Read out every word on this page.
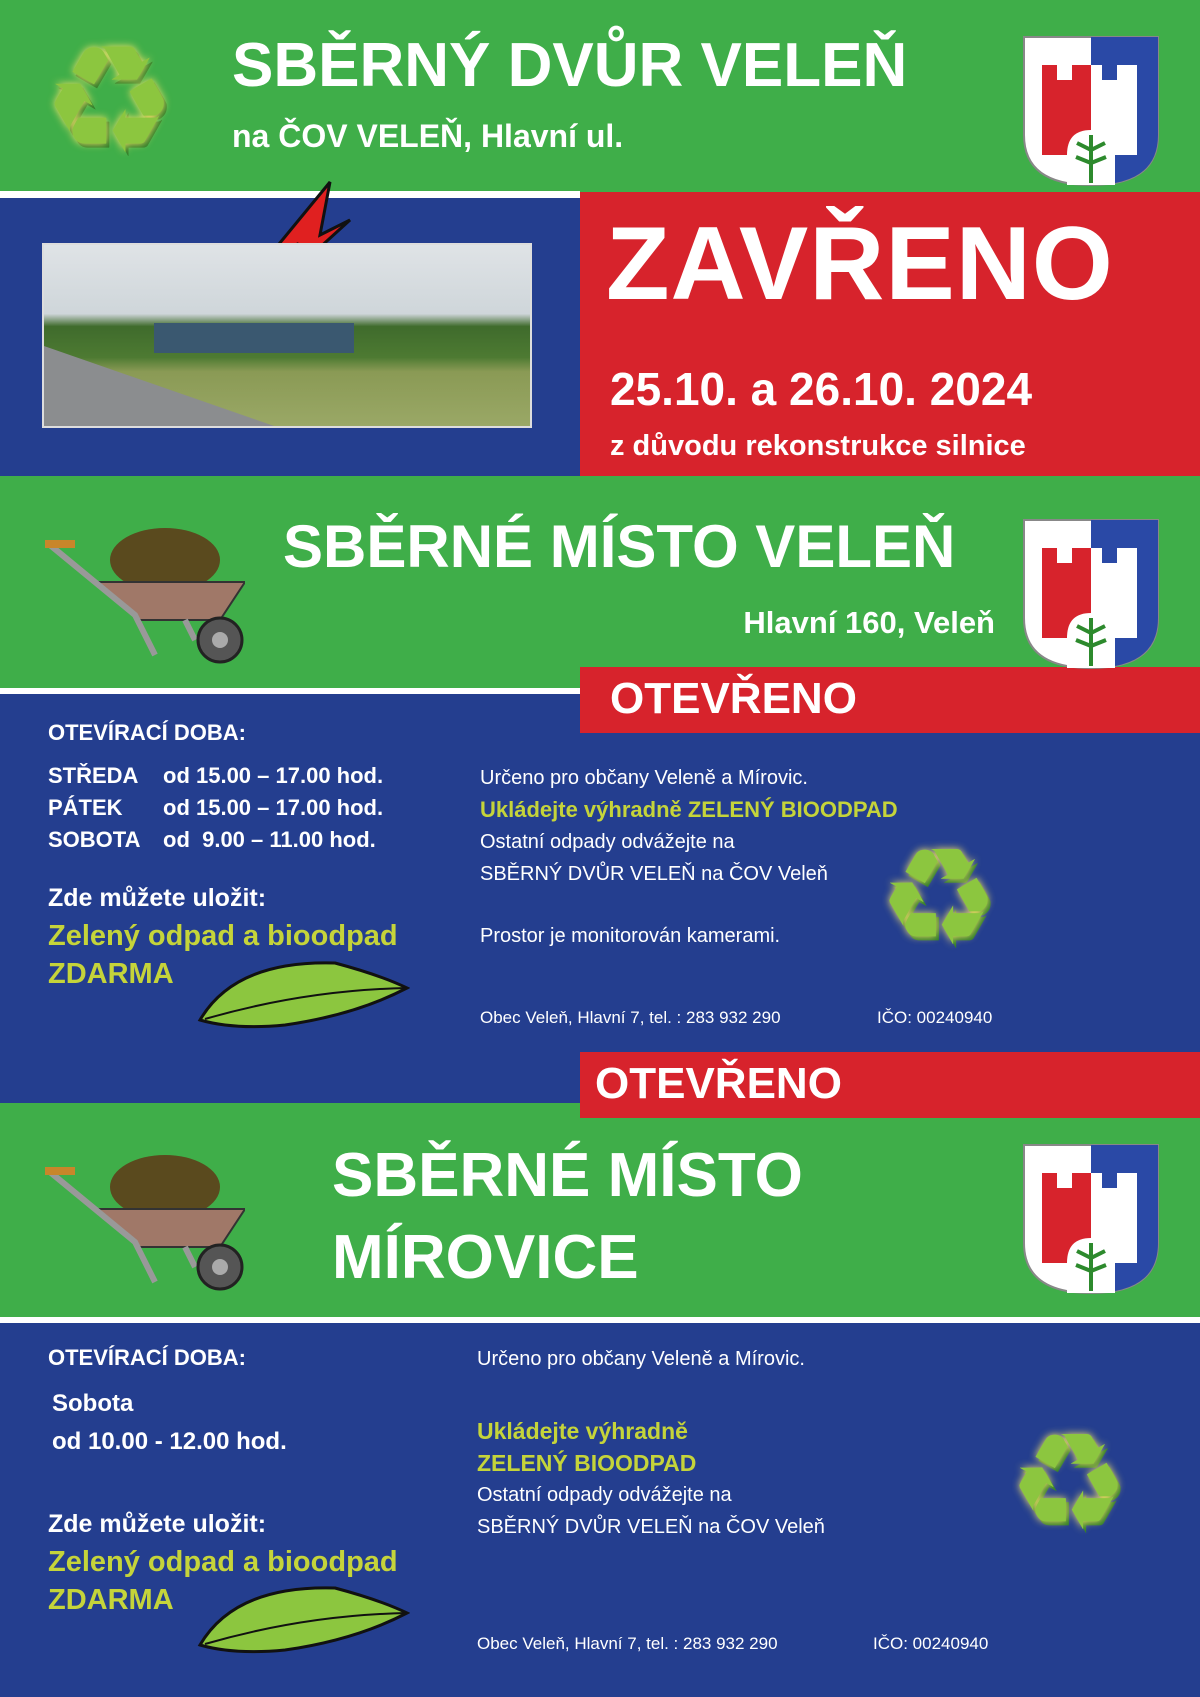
♻ SBĚRNÝ DVŮR VELEŇ
na ČOV VELEŇ, Hlavní ul.
ZAVŘENO
25.10. a 26.10. 2024
z důvodu rekonstrukce silnice
SBĚRNÉ MÍSTO VELEŇ
Hlavní 160, Veleň
OTEVŘENO
OTEVÍRACÍ DOBA:
STŘEDA od 15.00 – 17.00 hod.
PÁTEK od 15.00 – 17.00 hod.
SOBOTA od  9.00 – 11.00 hod.
Zde můžete uložit:
Zelený odpad a bioodpad
ZDARMA
Určeno pro občany Veleně a Mírovic.
Ukládejte výhradně ZELENÝ BIOODPAD
Ostatní odpady odvážejte na
SBĚRNÝ DVŮR VELEŇ na ČOV Veleň
Prostor je monitorován kamerami. ♻
Obec Veleň, Hlavní 7, tel. : 283 932 290	IČO: 00240940
OTEVŘENO
SBĚRNÉ MÍSTO
MÍROVICE
OTEVÍRACÍ DOBA:
Sobota
od 10.00 - 12.00 hod.
Zde můžete uložit:
Zelený odpad a bioodpad
ZDARMA
Určeno pro občany Veleně a Mírovic.
Ukládejte výhradně
ZELENÝ BIOODPAD
Ostatní odpady odvážejte na
SBĚRNÝ DVŮR VELEŇ na ČOV Veleň ♻
Obec Veleň, Hlavní 7, tel. : 283 932 290	IČO: 00240940
